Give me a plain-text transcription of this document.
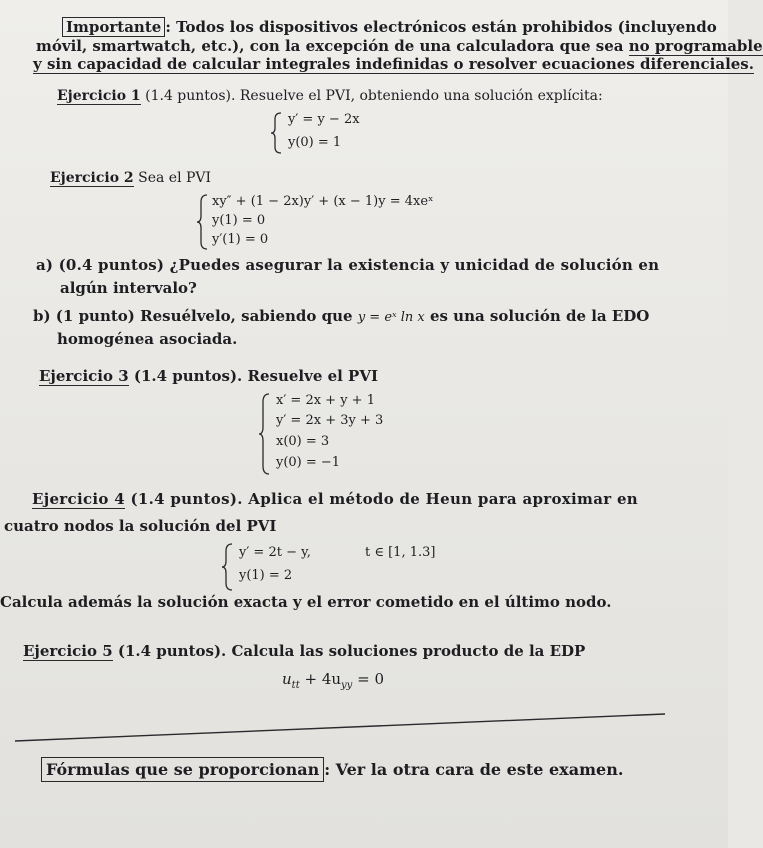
Importante : Todos los dispositivos electrónicos están prohibidos (incluyendo
móvil, smartwatch, etc.), con la excepción de una calculadora que sea no programable
y sin capacidad de calcular integrales indefinidas o resolver ecuaciones diferenciales.
Ejercicio 1 (1.4 puntos). Resuelve el PVI, obteniendo una solución explícita:
y′ = y − 2x
y(0) = 1
Ejercicio 2 Sea el PVI
xy″ + (1 − 2x)y′ + (x − 1)y = 4xeˣ
y(1) = 0
y′(1) = 0
a) (0.4 puntos) ¿Puedes asegurar la existencia y unicidad de solución en
algún intervalo?
b) (1 punto) Resuélvelo, sabiendo que y = eˣ ln x es una solución de la EDO
homogénea asociada.
Ejercicio 3 (1.4 puntos). Resuelve el PVI
x′ = 2x + y + 1
y′ = 2x + 3y + 3
x(0) = 3
y(0) = −1
Ejercicio 4 (1.4 puntos). Aplica el método de Heun para aproximar en
cuatro nodos la solución del PVI
y′ = 2t − y,
y(1) = 2
t ∈ [1, 1.3]
Calcula además la solución exacta y el error cometido en el último nodo.
Ejercicio 5 (1.4 puntos). Calcula las soluciones producto de la EDP
$u_{tt} + 4u_{yy} = 0$
Fórmulas que se proporcionan : Ver la otra cara de este examen.
